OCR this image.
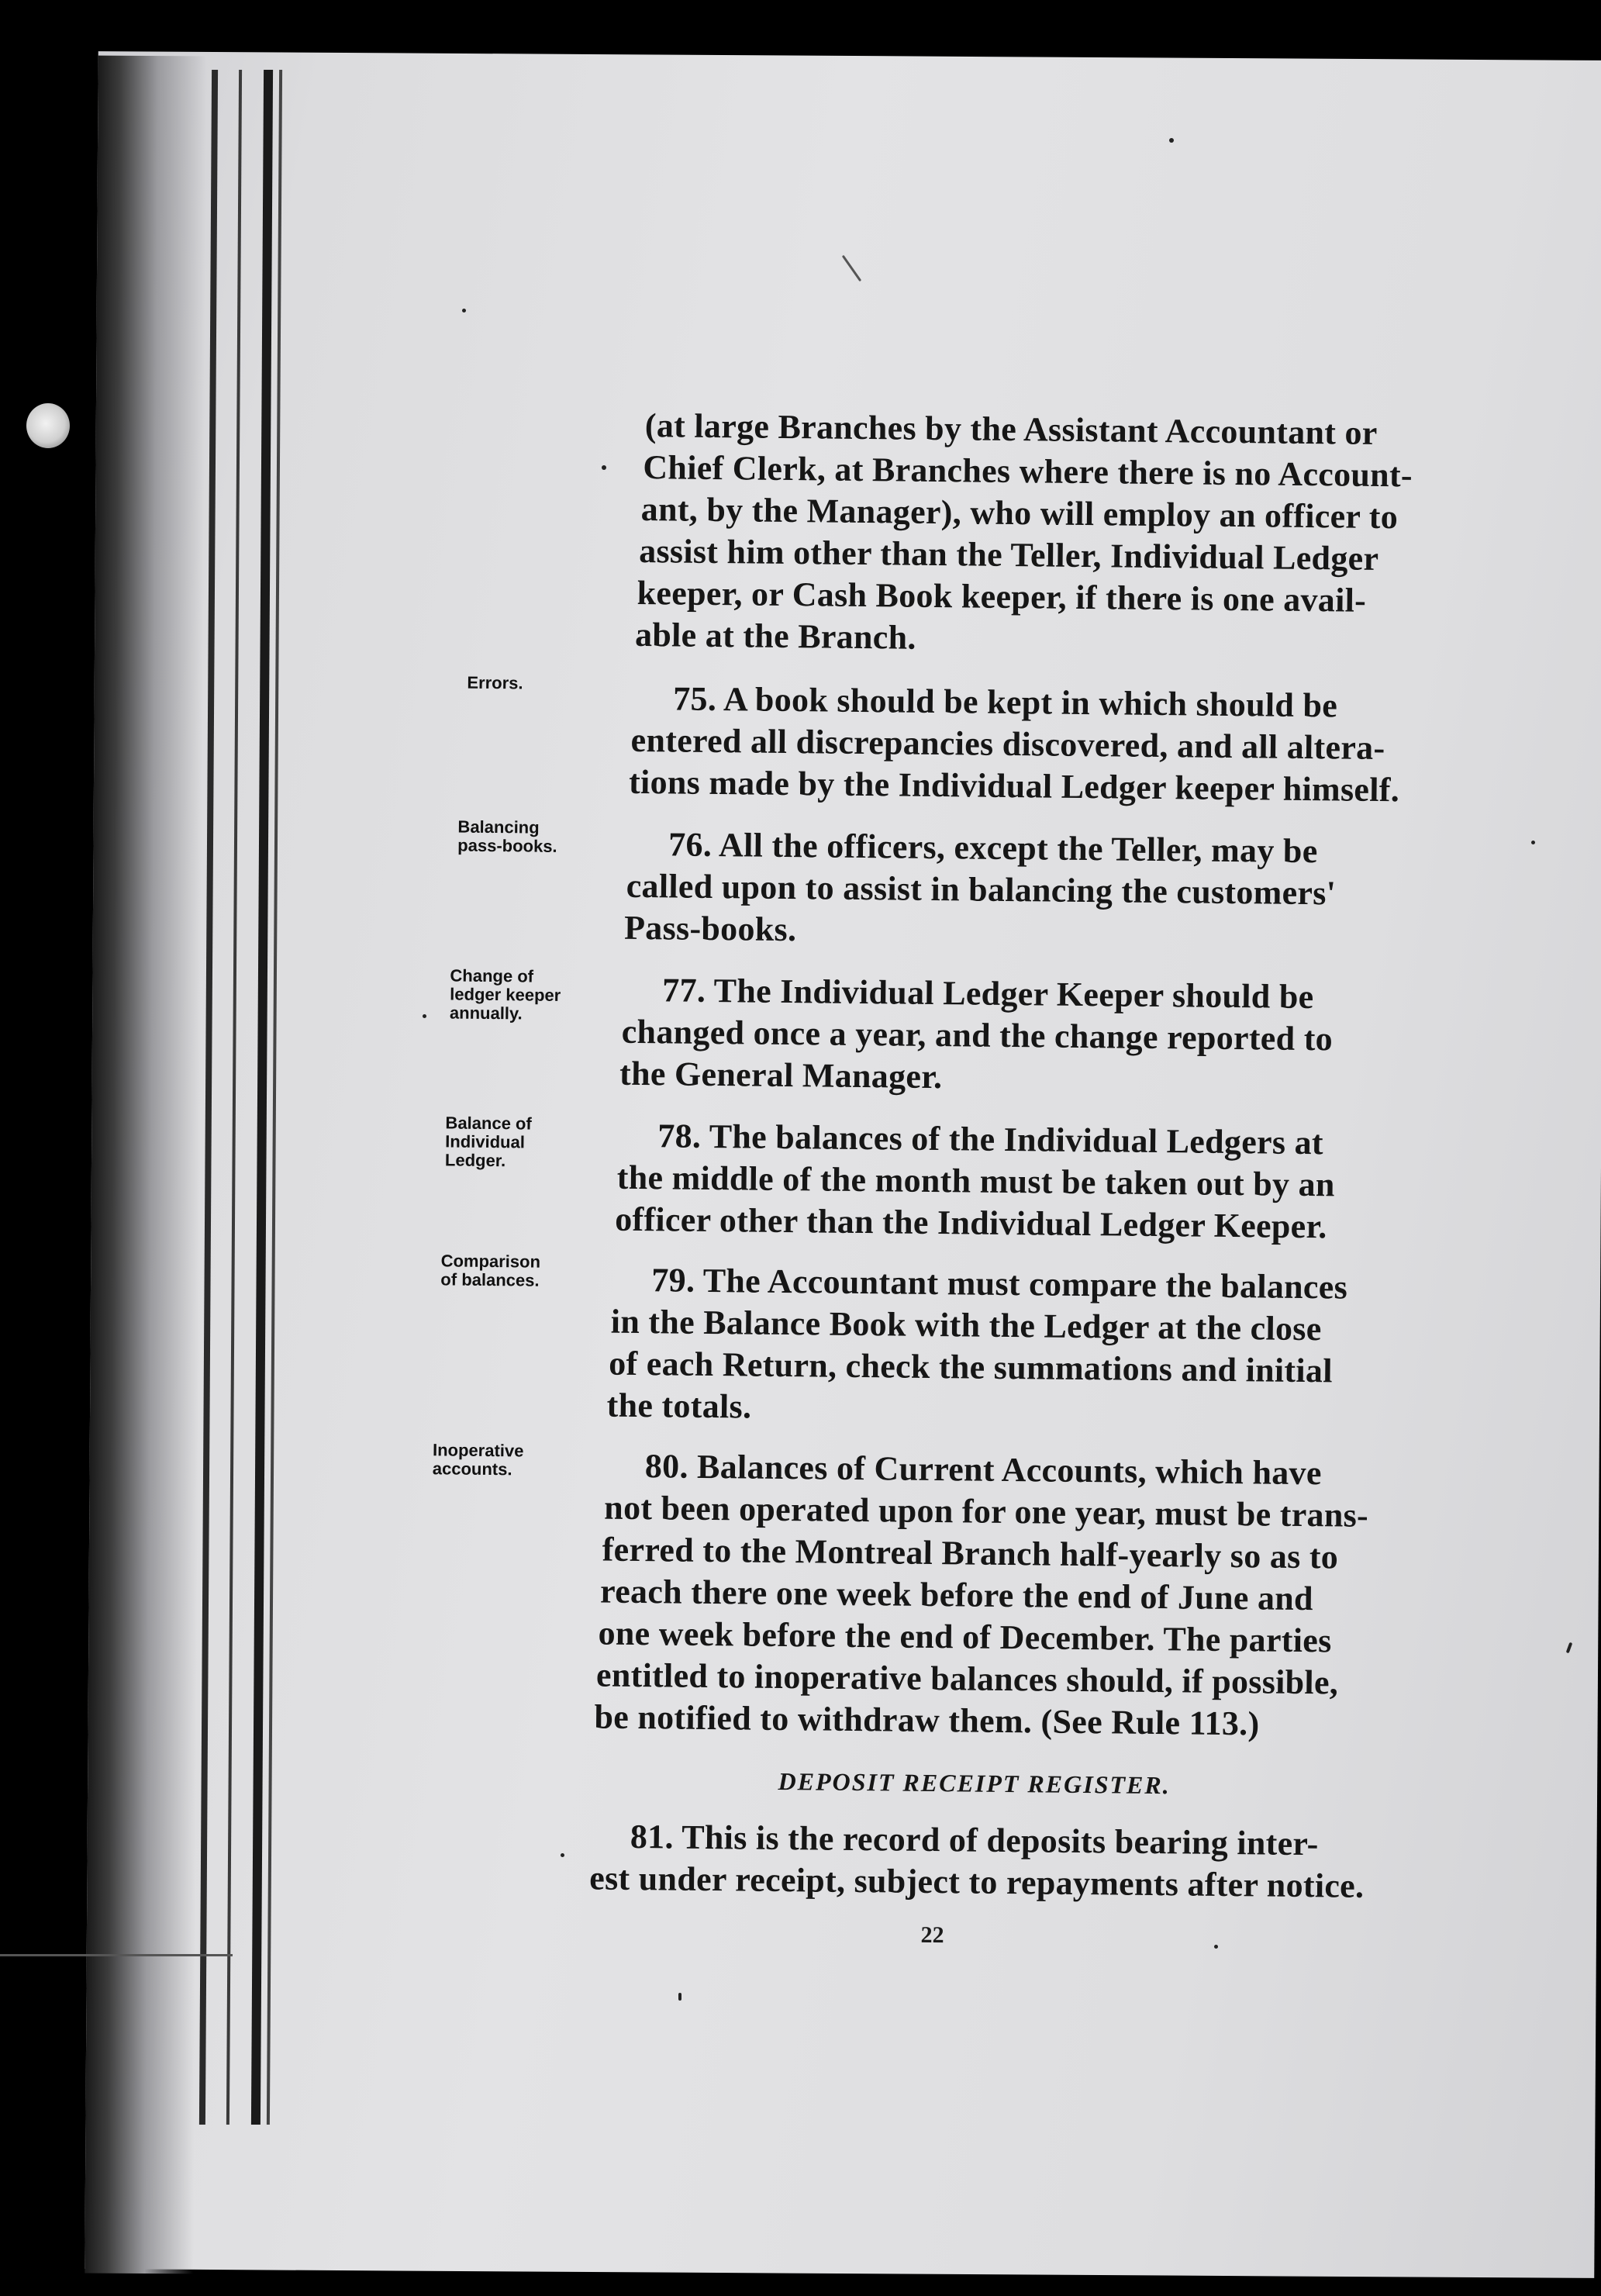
(at large Branches by the Assistant Accountant or
Chief Clerk, at Branches where there is no Account-
ant, by the Manager), who will employ an officer to
assist him other than the Teller, Individual Ledger
keeper, or Cash Book keeper, if there is one avail-
able at the Branch.
Errors.	75. A book should be kept in which should be
entered all discrepancies discovered, and all altera-
tions made by the Individual Ledger keeper himself.
Balancing
pass-books.	76. All the officers, except the Teller, may be
called upon to assist in balancing the customers'
Pass-books.
Change of
ledger keeper
annually.	77. The Individual Ledger Keeper should be
changed once a year, and the change reported to
the General Manager.
Balance of
Individual
Ledger.	78. The balances of the Individual Ledgers at
the middle of the month must be taken out by an
officer other than the Individual Ledger Keeper.
Comparison
of balances.	79. The Accountant must compare the balances
in the Balance Book with the Ledger at the close
of each Return, check the summations and initial
the totals.
Inoperative
accounts.	80. Balances of Current Accounts, which have
not been operated upon for one year, must be trans-
ferred to the Montreal Branch half-yearly so as to
reach there one week before the end of June and
one week before the end of December. The parties
entitled to inoperative balances should, if possible,
be notified to withdraw them. (See Rule 113.)
DEPOSIT RECEIPT REGISTER.
81. This is the record of deposits bearing inter-
est under receipt, subject to repayments after notice.
22
